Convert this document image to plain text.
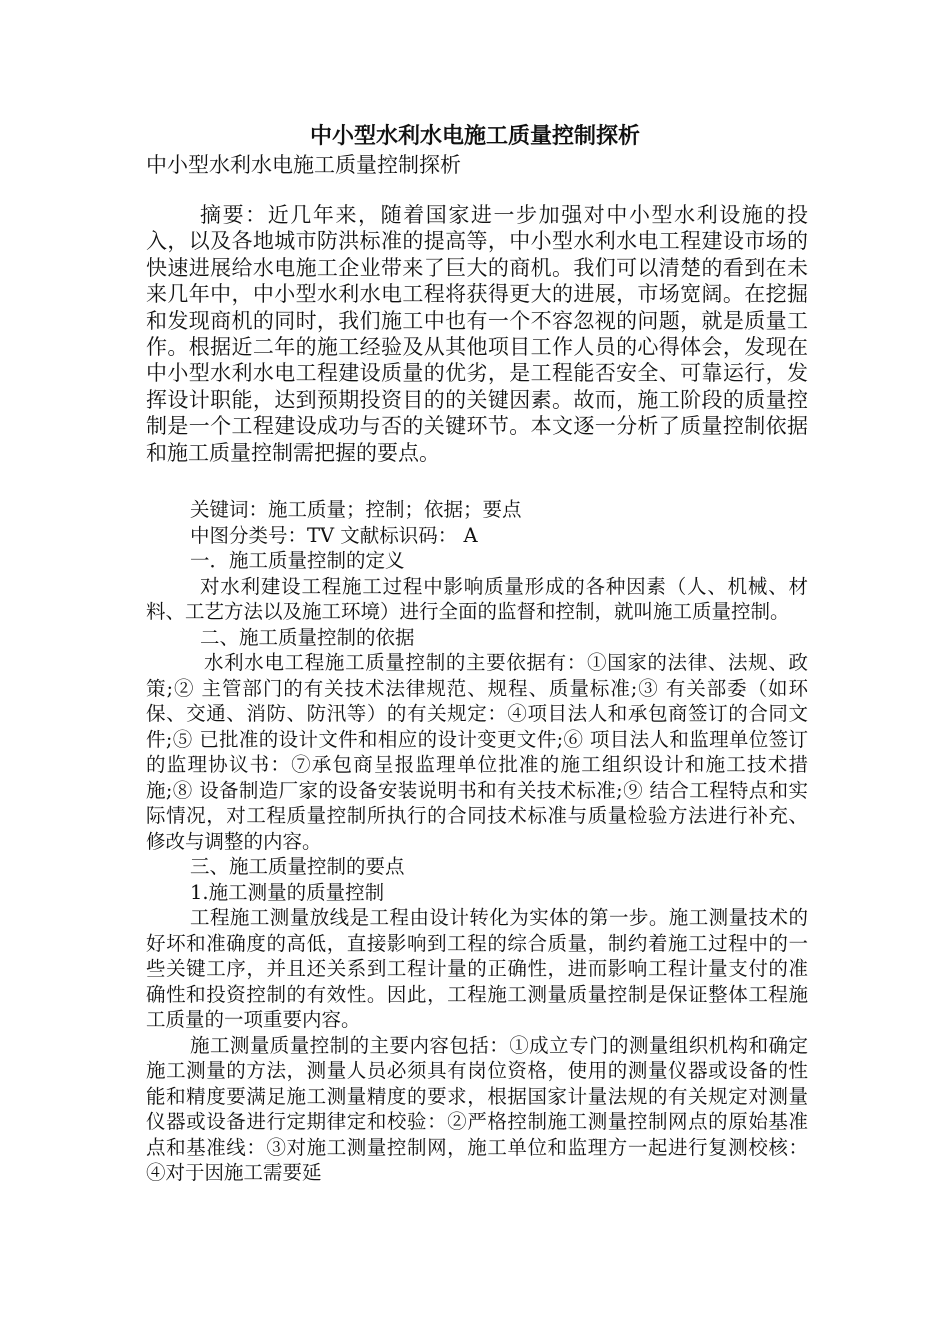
中小型水利水电施工质量控制探析

中小型水利水电施工质量控制探析

摘要：近几年来，随着国家进一步加强对中小型水利设施的投入，以及各地城市防洪标准的提高等，中小型水利水电工程建设市场的快速进展给水电施工企业带来了巨大的商机。我们可以清楚的看到在未来几年中，中小型水利水电工程将获得更大的进展，市场宽阔。在挖掘和发现商机的同时，我们施工中也有一个不容忽视的问题，就是质量工作。根据近二年的施工经验及从其他项目工作人员的心得体会，发现在中小型水利水电工程建设质量的优劣，是工程能否安全、可靠运行，发挥设计职能，达到预期投资目的的关键因素。故而，施工阶段的质量控制是一个工程建设成功与否的关键环节。本文逐一分析了质量控制依据和施工质量控制需把握的要点。

关键词：施工质量；控制；依据；要点

中图分类号：TV 文献标识码： A

一．施工质量控制的定义

对水利建设工程施工过程中影响质量形成的各种因素（人、机械、材料、工艺方法以及施工环境）进行全面的监督和控制，就叫施工质量控制。

二、施工质量控制的依据

水利水电工程施工质量控制的主要依据有：①国家的法律、法规、政策;② 主管部门的有关技术法律规范、规程、质量标准;③ 有关部委（如环保、交通、消防、防汛等）的有关规定：④项目法人和承包商签订的合同文件;⑤ 已批准的设计文件和相应的设计变更文件;⑥ 项目法人和监理单位签订的监理协议书：⑦承包商呈报监理单位批准的施工组织设计和施工技术措施;⑧ 设备制造厂家的设备安装说明书和有关技术标准;⑨ 结合工程特点和实际情况，对工程质量控制所执行的合同技术标准与质量检验方法进行补充、修改与调整的内容。

三、施工质量控制的要点

1.施工测量的质量控制

工程施工测量放线是工程由设计转化为实体的第一步。施工测量技术的好坏和准确度的高低，直接影响到工程的综合质量，制约着施工过程中的一些关键工序，并且还关系到工程计量的正确性，进而影响工程计量支付的准确性和投资控制的有效性。因此，工程施工测量质量控制是保证整体工程施工质量的一项重要内容。

施工测量质量控制的主要内容包括：①成立专门的测量组织机构和确定施工测量的方法，测量人员必须具有岗位资格，使用的测量仪器或设备的性能和精度要满足施工测量精度的要求，根据国家计量法规的有关规定对测量仪器或设备进行定期律定和校验：②严格控制施工测量控制网点的原始基准点和基准线：③对施工测量控制网，施工单位和监理方一起进行复测校核：④对于因施工需要延
